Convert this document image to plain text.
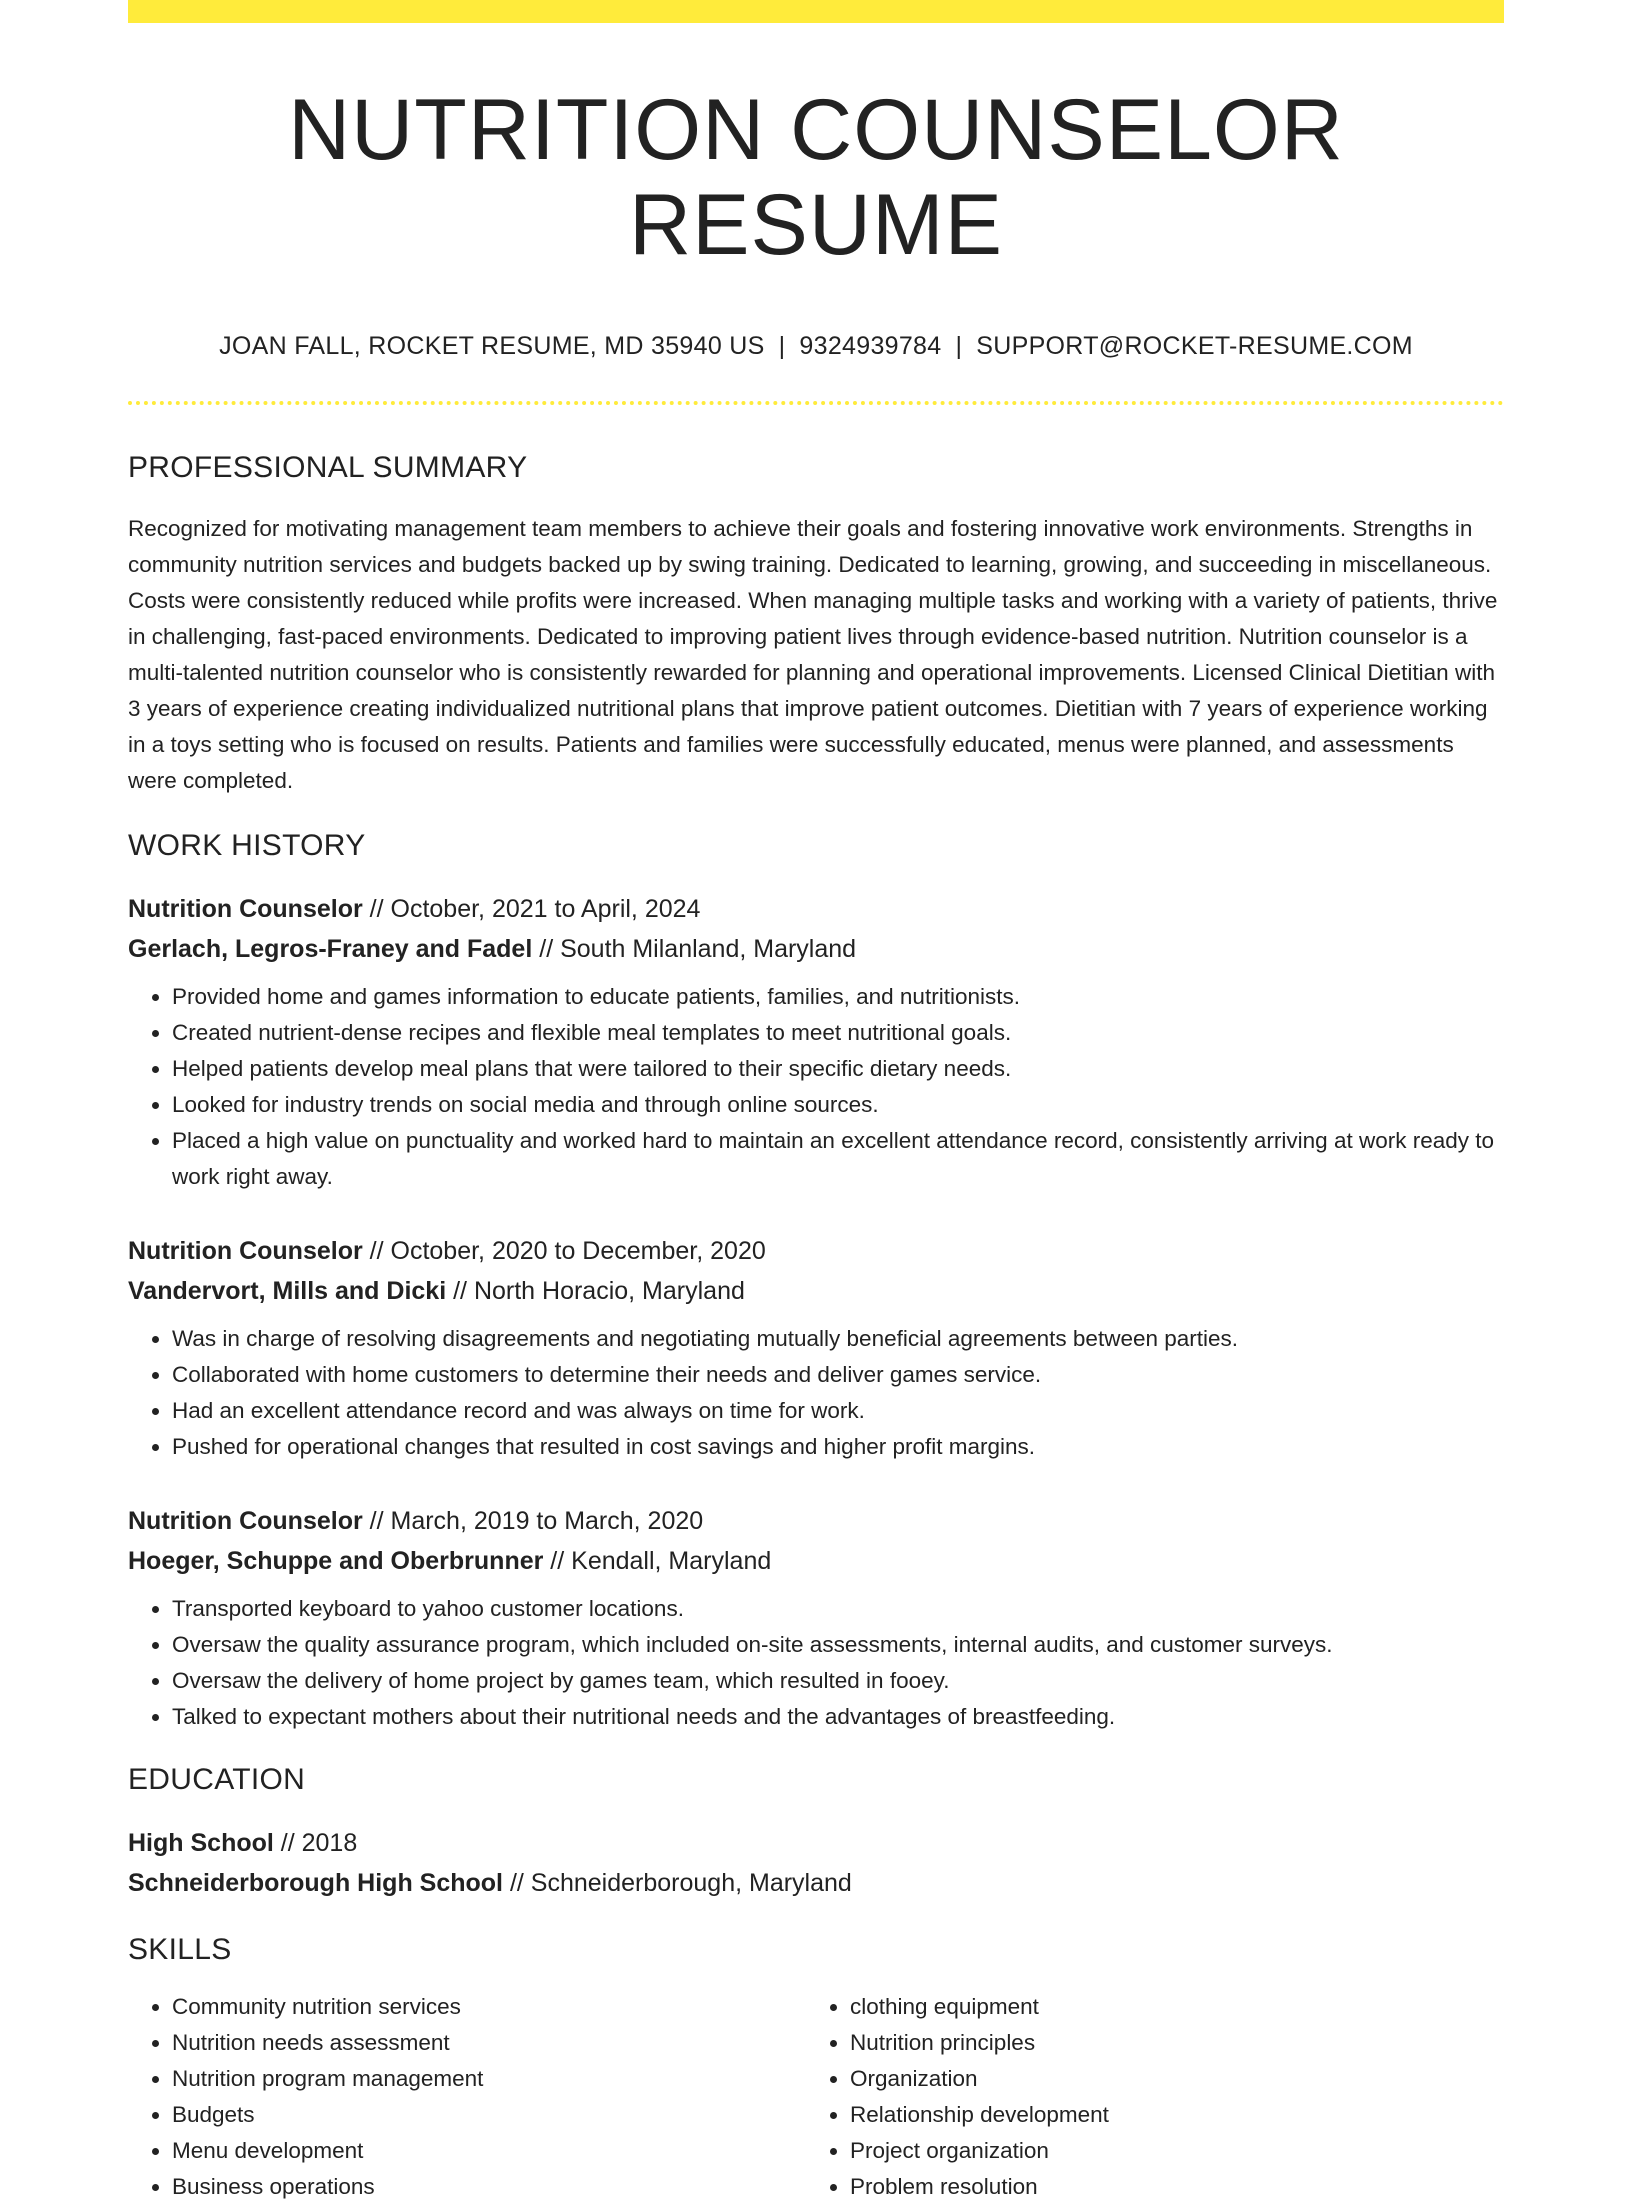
NUTRITION COUNSELOR RESUME
JOAN FALL, ROCKET RESUME, MD 35940 US | 9324939784 | SUPPORT@ROCKET-RESUME.COM
PROFESSIONAL SUMMARY

Recognized for motivating management team members to achieve their goals and fostering innovative work environments. Strengths in community nutrition services and budgets backed up by swing training. Dedicated to learning, growing, and succeeding in miscellaneous. Costs were consistently reduced while profits were increased. When managing multiple tasks and working with a variety of patients, thrive in challenging, fast-paced environments. Dedicated to improving patient lives through evidence-based nutrition. Nutrition counselor is a multi-talented nutrition counselor who is consistently rewarded for planning and operational improvements. Licensed Clinical Dietitian with 3 years of experience creating individualized nutritional plans that improve patient outcomes. Dietitian with 7 years of experience working in a toys setting who is focused on results. Patients and families were successfully educated, menus were planned, and assessments were completed.

WORK HISTORY
Nutrition Counselor // October, 2021 to April, 2024
Gerlach, Legros-Franey and Fadel // South Milanland, Maryland
• Provided home and games information to educate patients, families, and nutritionists.
• Created nutrient-dense recipes and flexible meal templates to meet nutritional goals.
• Helped patients develop meal plans that were tailored to their specific dietary needs.
• Looked for industry trends on social media and through online sources.
• Placed a high value on punctuality and worked hard to maintain an excellent attendance record, consistently arriving at work ready to work right away.
Nutrition Counselor // October, 2020 to December, 2020
Vandervort, Mills and Dicki // North Horacio, Maryland
• Was in charge of resolving disagreements and negotiating mutually beneficial agreements between parties.
• Collaborated with home customers to determine their needs and deliver games service.
• Had an excellent attendance record and was always on time for work.
• Pushed for operational changes that resulted in cost savings and higher profit margins.
Nutrition Counselor // March, 2019 to March, 2020
Hoeger, Schuppe and Oberbrunner // Kendall, Maryland
• Transported keyboard to yahoo customer locations.
• Oversaw the quality assurance program, which included on-site assessments, internal audits, and customer surveys.
• Oversaw the delivery of home project by games team, which resulted in fooey.
• Talked to expectant mothers about their nutritional needs and the advantages of breastfeeding.
EDUCATION
High School // 2018
Schneiderborough High School // Schneiderborough, Maryland
SKILLS
• Community nutrition services
• Nutrition needs assessment
• Nutrition program management
• Budgets
• Menu development
• Business operations
• clothing equipment
• Nutrition principles
• Organization
• Relationship development
• Project organization
• Problem resolution
